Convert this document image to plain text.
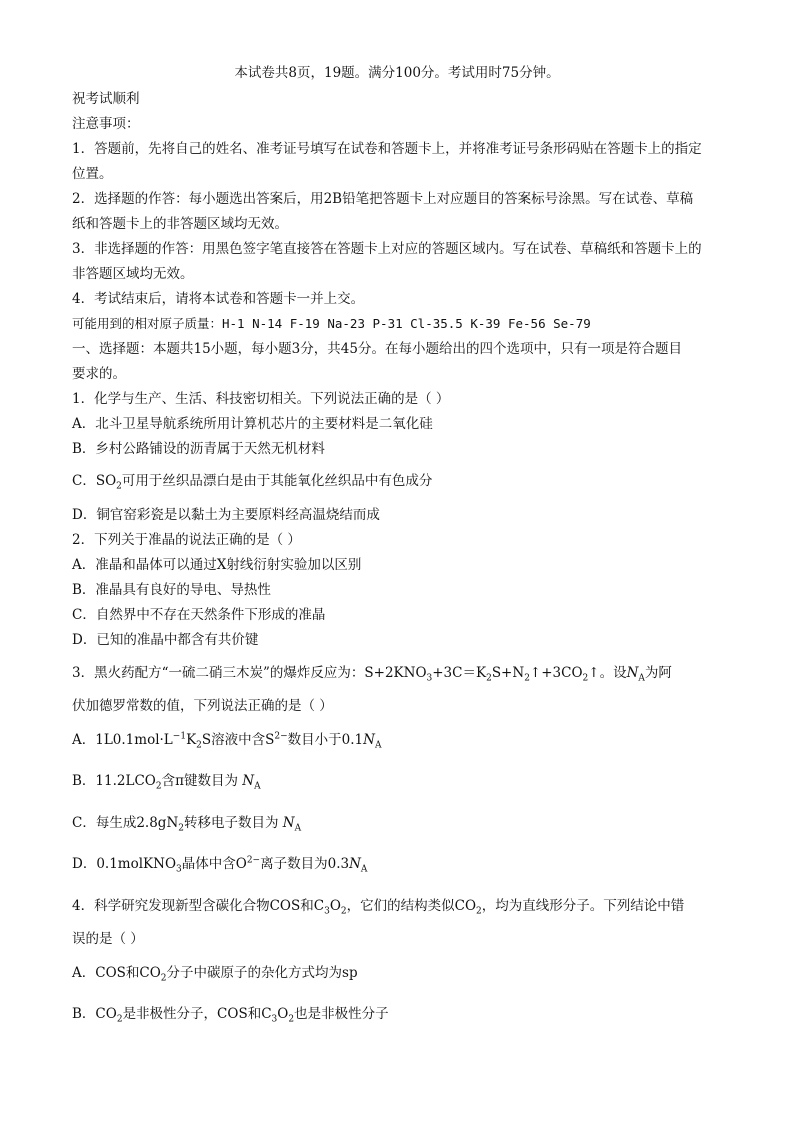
本试卷共8页，19题。满分100分。考试用时75分钟。
祝考试顺利
注意事项：
1．答题前，先将自己的姓名、准考证号填写在试卷和答题卡上，并将准考证号条形码贴在答题卡上的指定
位置。
2．选择题的作答：每小题选出答案后，用2B铅笔把答题卡上对应题目的答案标号涂黑。写在试卷、草稿
纸和答题卡上的非答题区域均无效。
3．非选择题的作答：用黑色签字笔直接答在答题卡上对应的答题区域内。写在试卷、草稿纸和答题卡上的
非答题区域均无效。
4．考试结束后，请将本试卷和答题卡一并上交。
可能用到的相对原子质量：H-1 N-14 F-19 Na-23 P-31 Cl-35.5 K-39 Fe-56 Se-79
一、选择题：本题共15小题，每小题3分，共45分。在每小题给出的四个选项中，只有一项是符合题目
要求的。
1．化学与生产、生活、科技密切相关。下列说法正确的是（ ）
A．北斗卫星导航系统所用计算机芯片的主要材料是二氧化硅
B．乡村公路铺设的沥青属于天然无机材料
C．$SO_2$可用于丝织品漂白是由于其能氧化丝织品中有色成分
D．铜官窑彩瓷是以黏土为主要原料经高温烧结而成
2．下列关于准晶的说法正确的是（ ）
A．准晶和晶体可以通过X射线衍射实验加以区别
B．准晶具有良好的导电、导热性
C．自然界中不存在天然条件下形成的准晶
D．已知的准晶中都含有共价键
3．黑火药配方“一硫二硝三木炭”的爆炸反应为：$S+2KNO_3+3C=K_2S+N_2↑+3CO_2↑$。设$N_A$为阿
伏加德罗常数的值，下列说法正确的是（ ）
A．$1L0.1mol\cdot L^{-1}K_2S$溶液中含$S^{2-}$数目小于$0.1N_A$
B．$11.2LCO_2$含π键数目为 $N_A$
C．每生成$2.8gN_2$转移电子数目为 $N_A$
D．0.1molKNO$_3$晶体中含$O^{2-}$离子数目为$0.3N_A$
4．科学研究发现新型含碳化合物COS和$C_3O_2$，它们的结构类似$CO_2$，均为直线形分子。下列结论中错
误的是（ ）
A．COS和$CO_2$分子中碳原子的杂化方式均为sp
B．$CO_2$是非极性分子，COS和$C_3O_2$也是非极性分子
